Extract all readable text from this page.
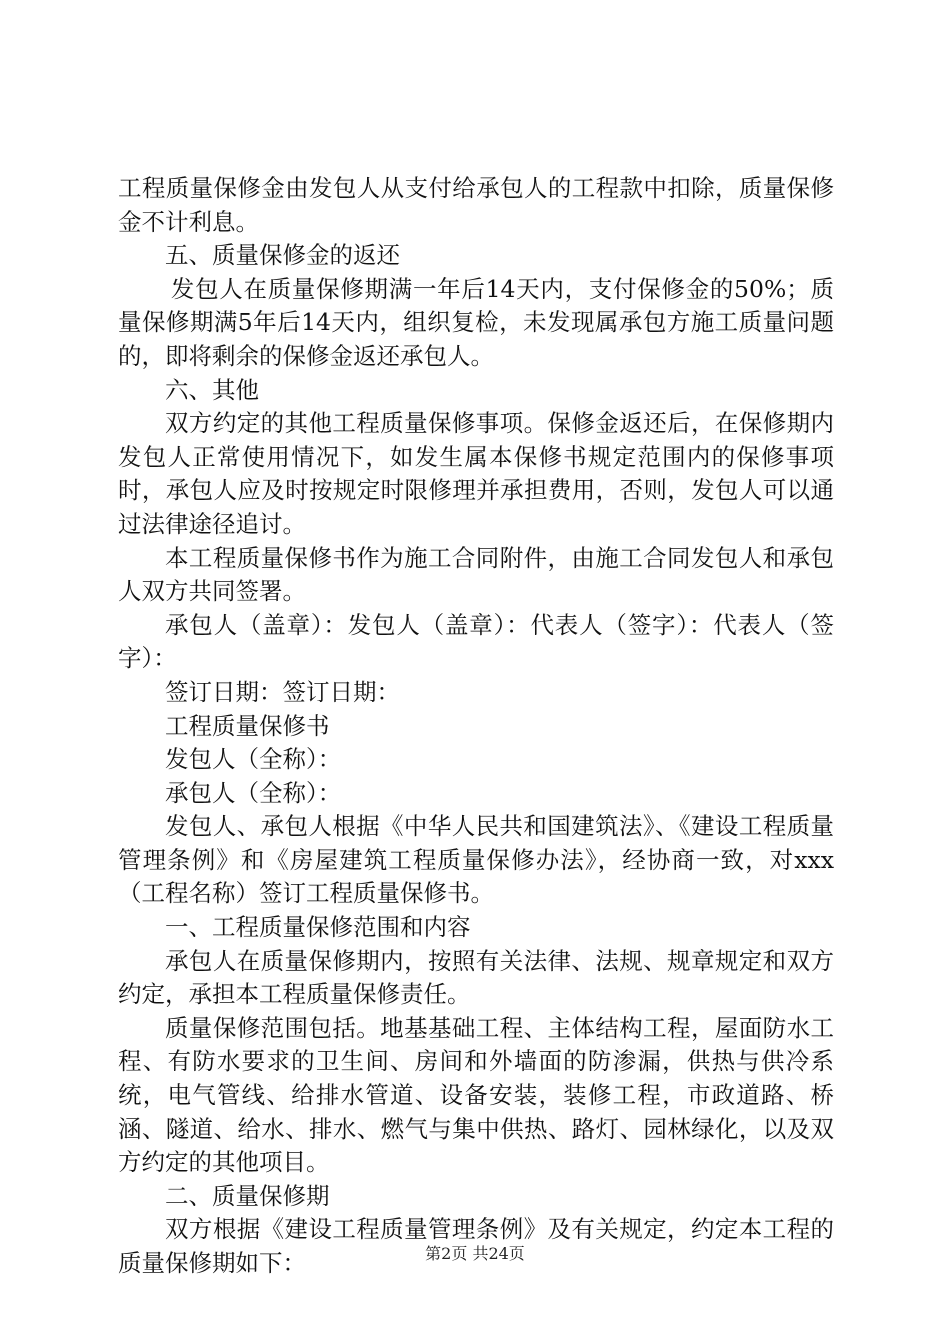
工程质量保修金由发包人从支付给承包人的工程款中扣除，质量保修金不计利息。

五、质量保修金的返还

发包人在质量保修期满一年后14天内，支付保修金的50%；质量保修期满5年后14天内，组织复检，未发现属承包方施工质量问题的，即将剩余的保修金返还承包人。

六、其他

双方约定的其他工程质量保修事项。保修金返还后，在保修期内发包人正常使用情况下，如发生属本保修书规定范围内的保修事项时，承包人应及时按规定时限修理并承担费用，否则，发包人可以通过法律途径追讨。

本工程质量保修书作为施工合同附件，由施工合同发包人和承包人双方共同签署。

承包人（盖章）：发包人（盖章）：代表人（签字）：代表人（签字）：

签订日期：签订日期：

工程质量保修书

发包人（全称）：

承包人（全称）：

发包人、承包人根据《中华人民共和国建筑法》、《建设工程质量管理条例》和《房屋建筑工程质量保修办法》，经协商一致，对xxx（工程名称）签订工程质量保修书。

一、工程质量保修范围和内容

承包人在质量保修期内，按照有关法律、法规、规章规定和双方约定，承担本工程质量保修责任。

质量保修范围包括。地基基础工程、主体结构工程，屋面防水工程、有防水要求的卫生间、房间和外墙面的防渗漏，供热与供冷系统，电气管线、给排水管道、设备安装，装修工程，市政道路、桥涵、隧道、给水、排水、燃气与集中供热、路灯、园林绿化，以及双方约定的其他项目。

二、质量保修期

双方根据《建设工程质量管理条例》及有关规定，约定本工程的质量保修期如下：	第2页 共24页
